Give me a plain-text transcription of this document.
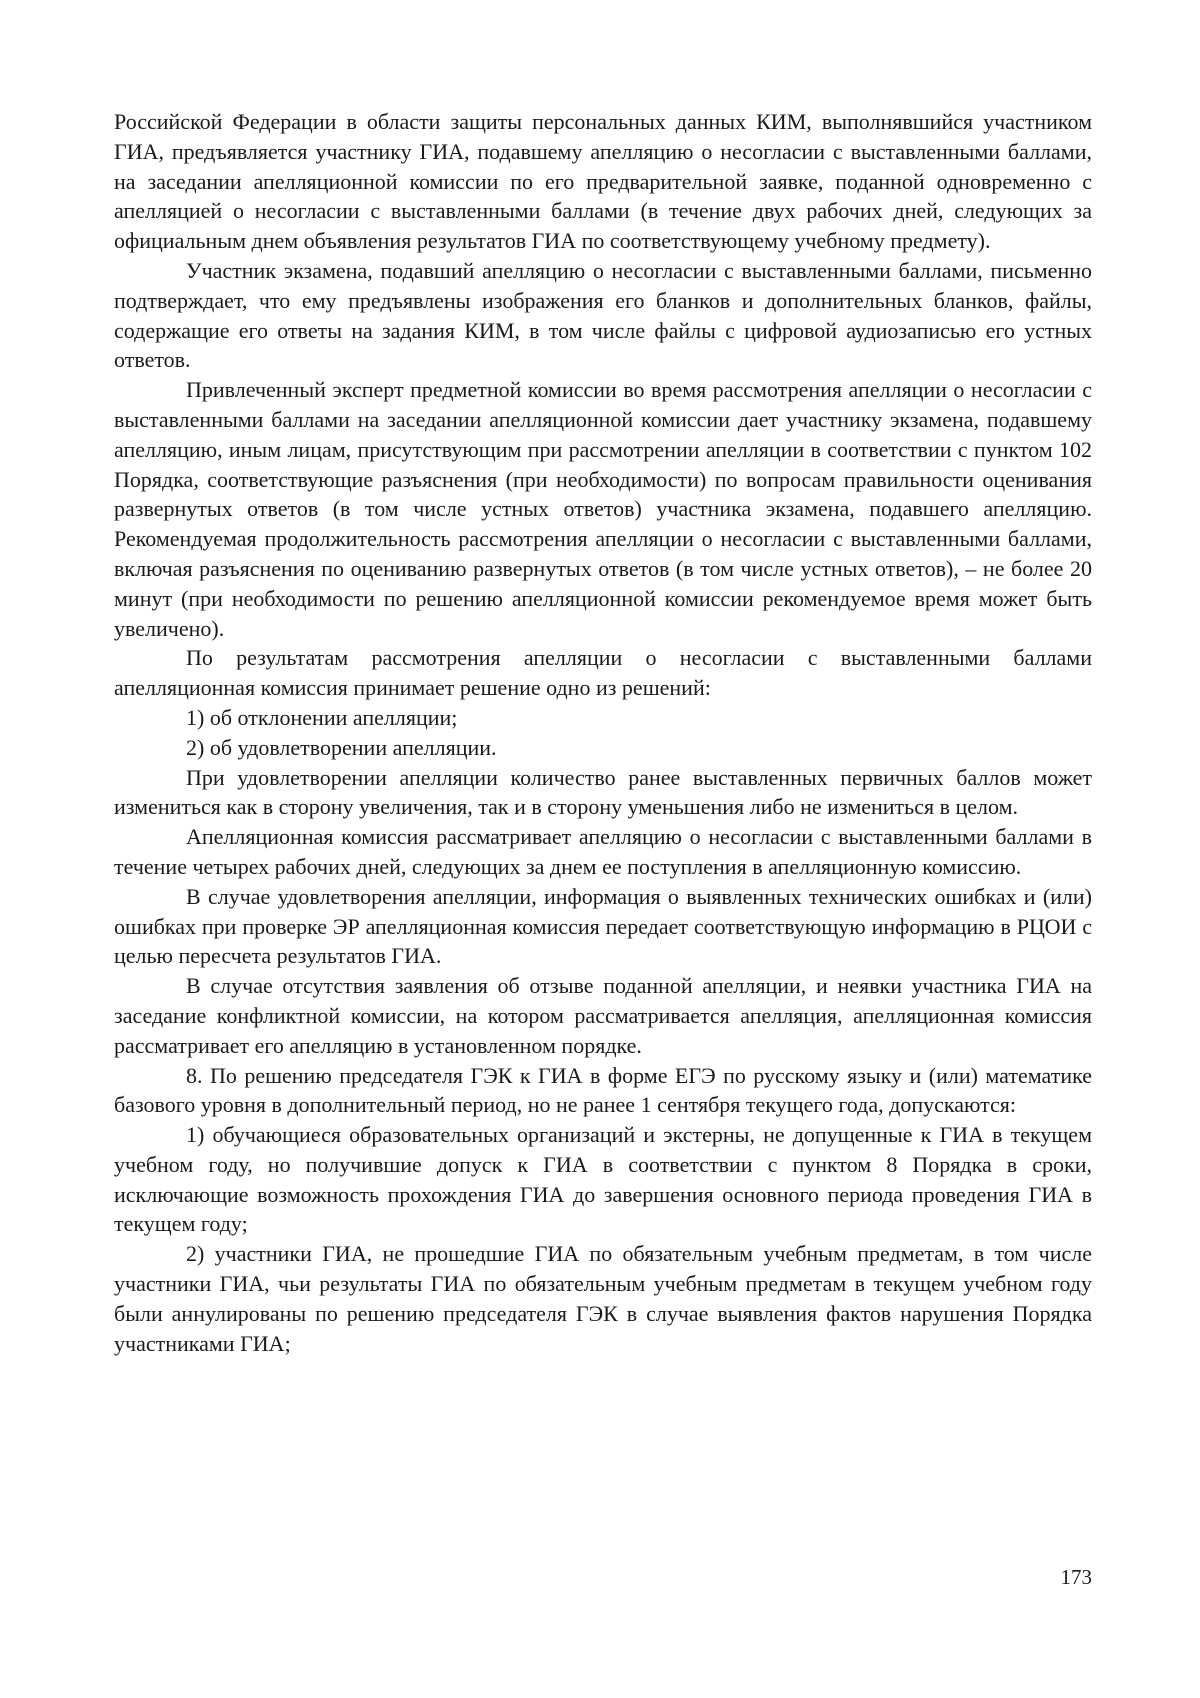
Российской Федерации в области защиты персональных данных КИМ, выполнявшийся участником ГИА, предъявляется участнику ГИА, подавшему апелляцию о несогласии с выставленными баллами, на заседании апелляционной комиссии по его предварительной заявке, поданной одновременно с апелляцией о несогласии с выставленными баллами (в течение двух рабочих дней, следующих за официальным днем объявления результатов ГИА по соответствующему учебному предмету).

Участник экзамена, подавший апелляцию о несогласии с выставленными баллами, письменно подтверждает, что ему предъявлены изображения его бланков и дополнительных бланков, файлы, содержащие его ответы на задания КИМ, в том числе файлы с цифровой аудиозаписью его устных ответов.

Привлеченный эксперт предметной комиссии во время рассмотрения апелляции о несогласии с выставленными баллами на заседании апелляционной комиссии дает участнику экзамена, подавшему апелляцию, иным лицам, присутствующим при рассмотрении апелляции в соответствии с пунктом 102 Порядка, соответствующие разъяснения (при необходимости) по вопросам правильности оценивания развернутых ответов (в том числе устных ответов) участника экзамена, подавшего апелляцию. Рекомендуемая продолжительность рассмотрения апелляции о несогласии с выставленными баллами, включая разъяснения по оцениванию развернутых ответов (в том числе устных ответов), – не более 20 минут (при необходимости по решению апелляционной комиссии рекомендуемое время может быть увеличено).

По результатам рассмотрения апелляции о несогласии с выставленными баллами апелляционная комиссия принимает решение одно из решений:

1) об отклонении апелляции;

2) об удовлетворении апелляции.

При удовлетворении апелляции количество ранее выставленных первичных баллов может измениться как в сторону увеличения, так и в сторону уменьшения либо не измениться в целом.

Апелляционная комиссия рассматривает апелляцию о несогласии с выставленными баллами в течение четырех рабочих дней, следующих за днем ее поступления в апелляционную комиссию.

В случае удовлетворения апелляции, информация о выявленных технических ошибках и (или) ошибках при проверке ЭР апелляционная комиссия передает соответствующую информацию в РЦОИ с целью пересчета результатов ГИА.

В случае отсутствия заявления об отзыве поданной апелляции, и неявки участника ГИА на заседание конфликтной комиссии, на котором рассматривается апелляция, апелляционная комиссия рассматривает его апелляцию в установленном порядке.

8. По решению председателя ГЭК к ГИА в форме ЕГЭ по русскому языку и (или) математике базового уровня в дополнительный период, но не ранее 1 сентября текущего года, допускаются:

1) обучающиеся образовательных организаций и экстерны, не допущенные к ГИА в текущем учебном году, но получившие допуск к ГИА в соответствии с пунктом 8 Порядка в сроки, исключающие возможность прохождения ГИА до завершения основного периода проведения ГИА в текущем году;

2) участники ГИА, не прошедшие ГИА по обязательным учебным предметам, в том числе участники ГИА, чьи результаты ГИА по обязательным учебным предметам в текущем учебном году были аннулированы по решению председателя ГЭК в случае выявления фактов нарушения Порядка участниками ГИА;

173
